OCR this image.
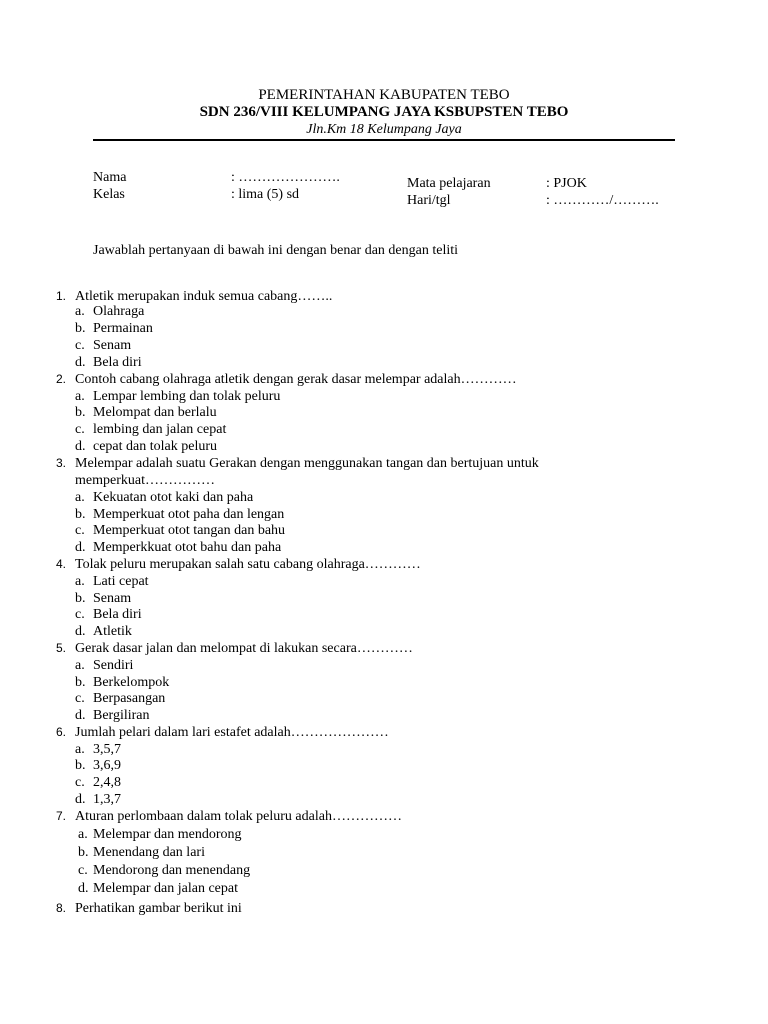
PEMERINTAHAN KABUPATEN TEBO
SDN 236/VIII KELUMPANG JAYA KSBUPSTEN TEBO
Jln.Km 18 Kelumpang Jaya
Nama	: ………………….
Kelas	: lima (5) sd
Mata pelajaran	: PJOK
Hari/tgl	: …………/……….
Jawablah pertanyaan di bawah ini dengan benar dan dengan teliti
1. Atletik merupakan induk semua cabang……..
a. Olahraga
b. Permainan
c. Senam
d. Bela diri
2. Contoh cabang olahraga atletik dengan gerak dasar melempar adalah…………
a. Lempar lembing dan tolak peluru
b. Melompat dan berlalu
c. lembing dan jalan cepat
d. cepat dan tolak peluru
3. Melempar adalah suatu Gerakan dengan menggunakan tangan dan bertujuan untuk
memperkuat……………
a. Kekuatan otot kaki dan paha
b. Memperkuat otot paha dan lengan
c. Memperkuat otot tangan dan bahu
d. Memperkkuat otot bahu dan paha
4. Tolak peluru merupakan salah satu cabang olahraga…………
a. Lati cepat
b. Senam
c. Bela diri
d. Atletik
5. Gerak dasar jalan dan melompat di lakukan secara…………
a. Sendiri
b. Berkelompok
c. Berpasangan
d. Bergiliran
6. Jumlah pelari dalam lari estafet adalah…………………
a. 3,5,7
b. 3,6,9
c. 2,4,8
d. 1,3,7
7. Aturan perlombaan dalam tolak peluru adalah……………
a. Melempar dan mendorong
b. Menendang dan lari
c. Mendorong dan menendang
d. Melempar dan jalan cepat
8. Perhatikan gambar berikut ini
